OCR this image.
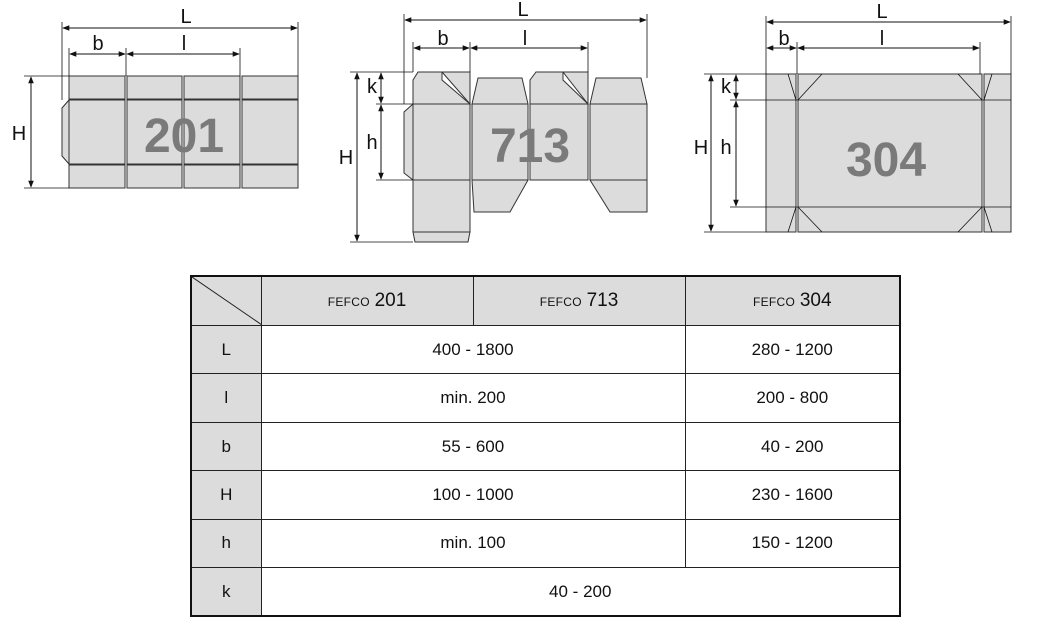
201
L
b	l
H	713
L
b	l
H
k
h	304
L
b	l
H
k
h
	FEFCO 201	FEFCO 713	FEFCO 304
L	400 - 1800		280 - 1200
l	min. 200		200 - 800
b	55 - 600		40 - 200
H	100 - 1000		230 - 1600
h	min. 100		150 - 1200
k	40 - 200		
